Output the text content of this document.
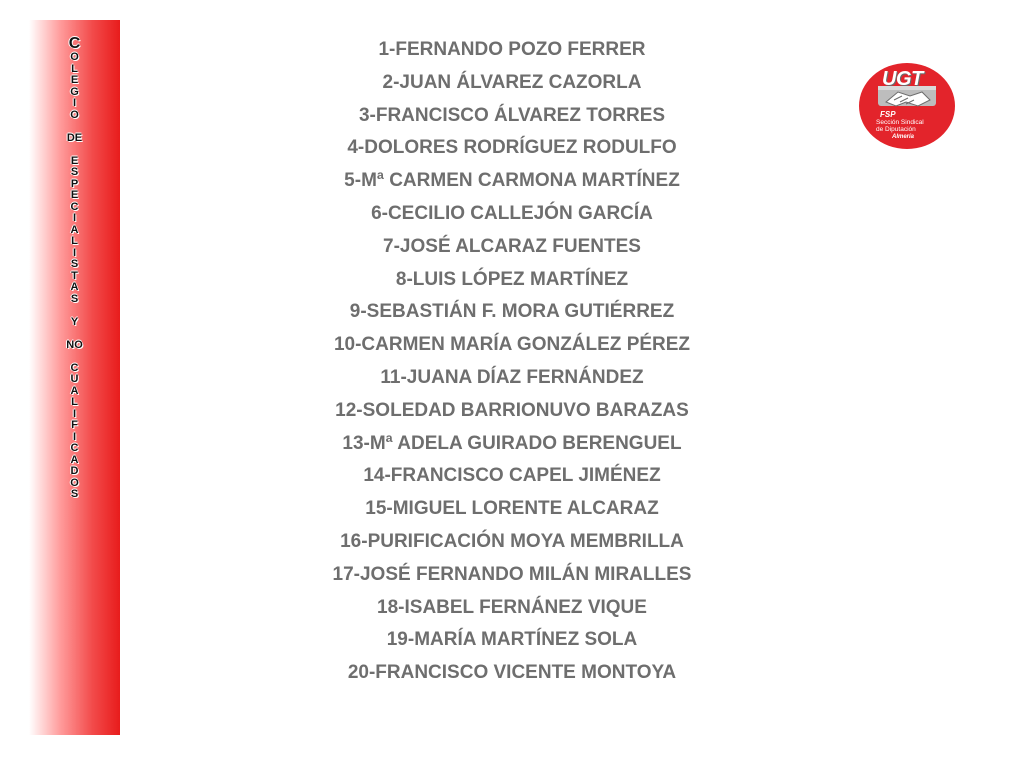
C
O
L
E
G
I
O
DE
E
S
P
E
C
I
A
L
I
S
T
A
S
Y
NO
C
U
A
L
I
F
I
C
A
D
O
S
1-FERNANDO POZO FERRER
2-JUAN ÁLVAREZ CAZORLA
3-FRANCISCO ÁLVAREZ TORRES
4-DOLORES RODRÍGUEZ RODULFO
5-Mª CARMEN CARMONA MARTÍNEZ
6-CECILIO CALLEJÓN GARCÍA
7-JOSÉ ALCARAZ FUENTES
8-LUIS LÓPEZ MARTÍNEZ
9-SEBASTIÁN F. MORA GUTIÉRREZ
10-CARMEN MARÍA GONZÁLEZ PÉREZ
11-JUANA DÍAZ FERNÁNDEZ
12-SOLEDAD BARRIONUVO BARAZAS
13-Mª ADELA GUIRADO BERENGUEL
14-FRANCISCO CAPEL JIMÉNEZ
15-MIGUEL LORENTE ALCARAZ
16-PURIFICACIÓN MOYA MEMBRILLA
17-JOSÉ FERNANDO MILÁN MIRALLES
18-ISABEL FERNÁNEZ VIQUE
19-MARÍA MARTÍNEZ SOLA
20-FRANCISCO VICENTE MONTOYA
UGT
FSP
Sección Sindical
de Diputación
Almería
